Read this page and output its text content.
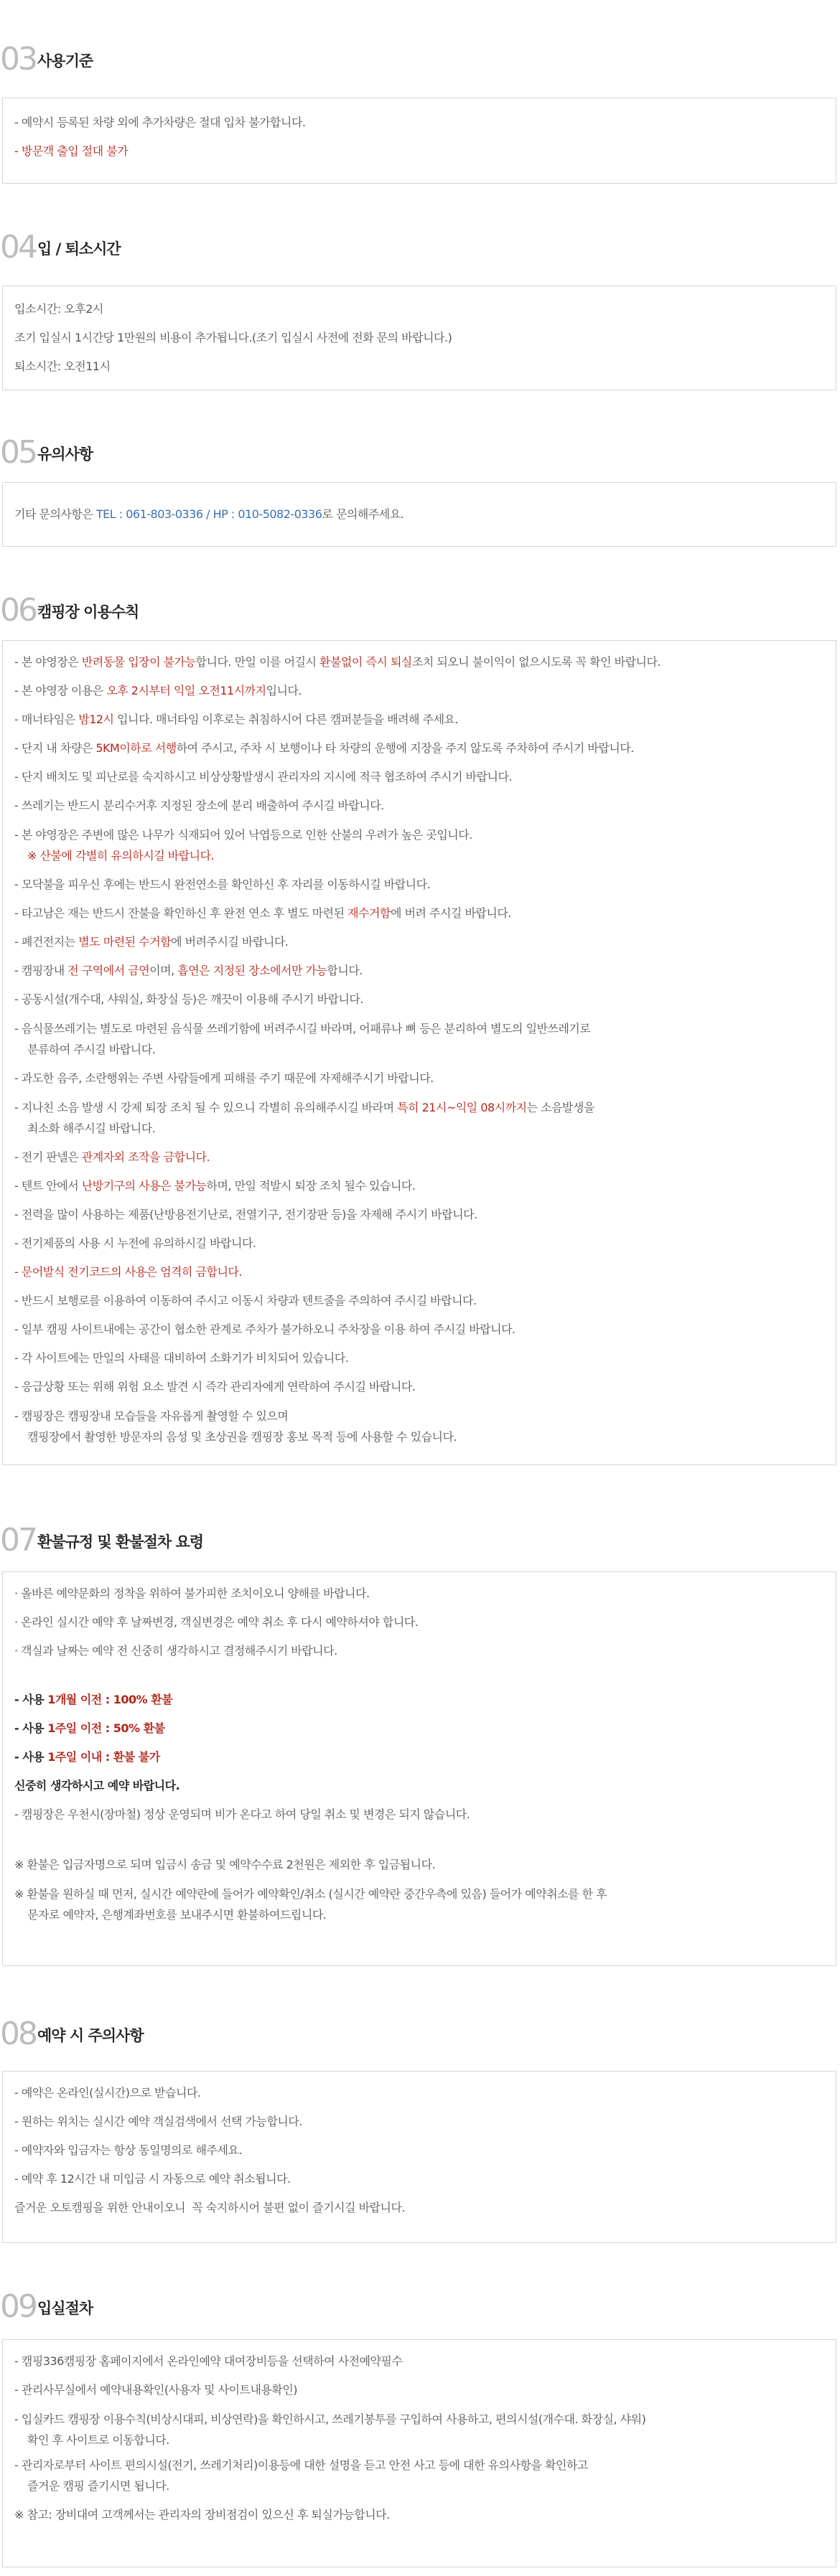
03 사용기준
- 예약시 등록된 차량 외에 추가차량은 절대 입차 불가합니다.
- 방문객 출입 절대 불가
04 입 / 퇴소시간
입소시간: 오후2시
조기 입실시 1시간당 1만원의 비용이 추가됩니다.(조기 입실시 사전에 전화 문의 바랍니다.)
퇴소시간: 오전11시
05 유의사항
기타 문의사항은 TEL : 061-803-0336 / HP : 010-5082-0336로 문의해주세요.
06 캠핑장 이용수칙
- 본 야영장은 반려동물 입장이 불가능합니다. 만일 이를 어길시 환불없이 즉시 퇴실조치 되오니 불이익이 없으시도록 꼭 확인 바랍니다.
- 본 야영장 이용은 오후 2시부터 익일 오전11시까지입니다.
- 매너타임은 밤12시 입니다. 매너타임 이후로는 취침하시어 다른 캠퍼분들을 배려해 주세요.
- 단지 내 차량은 5KM이하로 서행하여 주시고, 주차 시 보행이나 타 차량의 운행에 지장을 주지 않도록 주차하여 주시기 바랍니다.
- 단지 배치도 및 피난로를 숙지하시고 비상상황발생시 관리자의 지시에 적극 협조하여 주시기 바랍니다.
- 쓰레기는 반드시 분리수거후 지정된 장소에 분리 배출하여 주시길 바랍니다.
- 본 야영장은 주변에 많은 나무가 식재되어 있어 낙엽등으로 인한 산불의 우려가 높은 곳입니다.
※ 산불에 각별히 유의하시길 바랍니다.
- 모닥불을 피우신 후에는 반드시 완전연소를 확인하신 후 자리를 이동하시길 바랍니다.
- 타고남은 재는 반드시 잔불을 확인하신 후 완전 연소 후 별도 마련된 재수거함에 버려 주시길 바랍니다.
- 폐건전지는 별도 마련된 수거함에 버려주시길 바랍니다.
- 캠핑장내 전 구역에서 금연이며, 흡연은 지정된 장소에서만 가능합니다.
- 공동시설(개수대, 샤워실, 화장실 등)은 깨끗이 이용해 주시기 바랍니다.
- 음식물쓰레기는 별도로 마련된 음식물 쓰레기함에 버려주시길 바라며, 어패류나 뼈 등은 분리하여 별도의 일반쓰레기로
분류하여 주시길 바랍니다.
- 과도한 음주, 소란행위는 주변 사람들에게 피해를 주기 때문에 자제해주시기 바랍니다.
- 지나친 소음 발생 시 강제 퇴장 조치 될 수 있으니 각별히 유의해주시길 바라며 특히 21시~익일 08시까지는 소음발생을
최소화 해주시길 바랍니다.
- 전기 판넬은 관계자외 조작을 금합니다.
- 텐트 안에서 난방기구의 사용은 불가능하며, 만일 적발시 퇴장 조치 될수 있습니다.
- 전력을 많이 사용하는 제품(난방용전기난로, 전열기구, 전기장판 등)을 자제해 주시기 바랍니다.
- 전기제품의 사용 시 누전에 유의하시길 바랍니다.
- 문어발식 전기코드의 사용은 엄격히 금합니다.
- 반드시 보행로를 이용하여 이동하여 주시고 이동시 차량과 텐트줄을 주의하여 주시길 바랍니다.
- 일부 캠핑 사이트내에는 공간이 협소한 관계로 주차가 불가하오니 주차장을 이용 하여 주시길 바랍니다.
- 각 사이트에는 만일의 사태를 대비하여 소화기가 비치되어 있습니다.
- 응급상황 또는 위해 위험 요소 발견 시 즉각 관리자에게 연락하여 주시길 바랍니다.
- 캠핑장은 캠핑장내 모습들을 자유롭게 촬영할 수 있으며
캠핑장에서 촬영한 방문자의 음성 및 초상권을 캠핑장 홍보 목적 등에 사용할 수 있습니다.
07 환불규정 및 환불절차 요령
· 올바른 예약문화의 정착을 위하여 불가피한 조치이오니 양해를 바랍니다.
· 온라인 실시간 예약 후 날짜변경, 객실변경은 예약 취소 후 다시 예약하셔야 합니다.
· 객실과 날짜는 예약 전 신중히 생각하시고 결정해주시기 바랍니다.
- 사용 1개월 이전 : 100% 환불
- 사용 1주일 이전 : 50% 환불
- 사용 1주일 이내 : 환불 불가
신중히 생각하시고 예약 바랍니다.
- 캠핑장은 우천시(장마철) 정상 운영되며 비가 온다고 하여 당일 취소 및 변경은 되지 않습니다.
※ 환불은 입금자명으로 되며 입금시 송금 및 예약수수료 2천원은 제외한 후 입금됩니다.
※ 환불을 원하실 때 먼저, 실시간 예약란에 들어가 예약확인/취소 (실시간 예약란 중간우측에 있음) 들어가 예약취소를 한 후
문자로 예약자, 은행계좌번호를 보내주시면 환불하여드립니다.
08 예약 시 주의사항
- 예약은 온라인(실시간)으로 받습니다.
- 원하는 위치는 실시간 예약 객실검색에서 선택 가능합니다.
- 예약자와 입금자는 항상 동일명의로 해주세요.
- 예약 후 12시간 내 미입금 시 자동으로 예약 취소됩니다.
즐거운 오토캠핑을 위한 안내이오니  꼭 숙지하시어 불편 없이 즐기시길 바랍니다.
09 입실절차
- 캠핑336캠핑장 홈페이지에서 온라인예약 대여장비등을 선택하여 사전예약필수
- 관리사무실에서 예약내용확인(사용자 및 사이트내용확인)
- 입실카드 캠핑장 이용수칙(비상시대피, 비상연락)을 확인하시고, 쓰레기봉투를 구입하여 사용하고, 편의시설(개수대. 화장실, 샤워)
확인 후 사이트로 이동합니다.
- 관리자로부터 사이트 편의시설(전기, 쓰레기처리)이용등에 대한 설명을 듣고 안전 사고 등에 대한 유의사항을 확인하고
즐거운 캠핑 즐기시면 됩니다.
※ 참고: 장비대여 고객께서는 관리자의 장비점검이 있으신 후 퇴실가능합니다.
